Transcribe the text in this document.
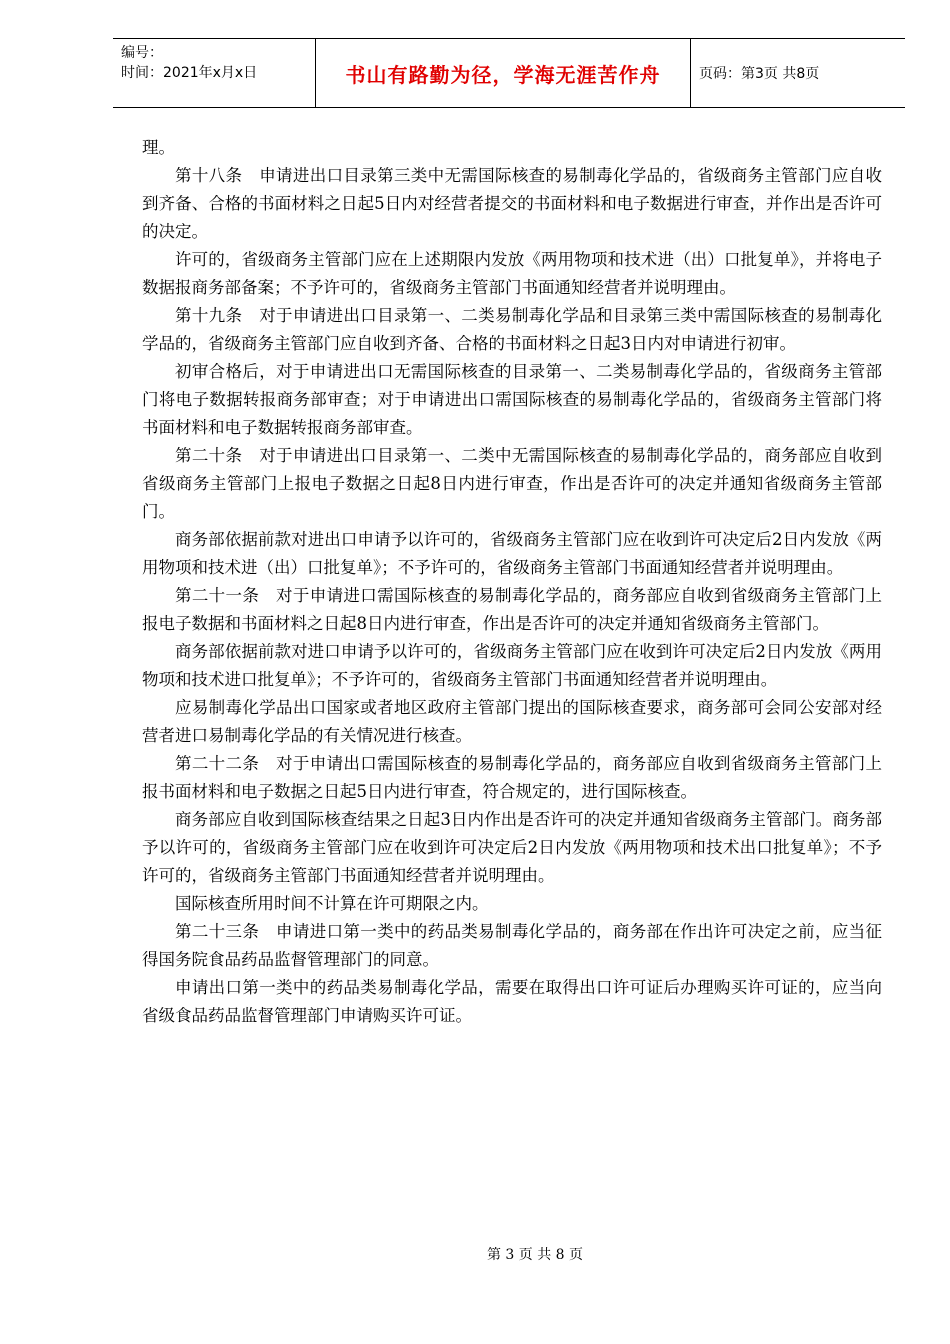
编号：
时间：2021年x月x日	书山有路勤为径，学海无涯苦作舟	页码：第3页 共8页

理。

第十八条　申请进出口目录第三类中无需国际核查的易制毒化学品的，省级商务主管部门应自收到齐备、合格的书面材料之日起5日内对经营者提交的书面材料和电子数据进行审查，并作出是否许可的决定。

许可的，省级商务主管部门应在上述期限内发放《两用物项和技术进（出）口批复单》，并将电子数据报商务部备案；不予许可的，省级商务主管部门书面通知经营者并说明理由。

第十九条　对于申请进出口目录第一、二类易制毒化学品和目录第三类中需国际核查的易制毒化学品的，省级商务主管部门应自收到齐备、合格的书面材料之日起3日内对申请进行初审。

初审合格后，对于申请进出口无需国际核查的目录第一、二类易制毒化学品的，省级商务主管部门将电子数据转报商务部审查；对于申请进出口需国际核查的易制毒化学品的，省级商务主管部门将书面材料和电子数据转报商务部审查。

第二十条　对于申请进出口目录第一、二类中无需国际核查的易制毒化学品的，商务部应自收到省级商务主管部门上报电子数据之日起8日内进行审查，作出是否许可的决定并通知省级商务主管部门。

商务部依据前款对进出口申请予以许可的，省级商务主管部门应在收到许可决定后2日内发放《两用物项和技术进（出）口批复单》；不予许可的，省级商务主管部门书面通知经营者并说明理由。

第二十一条　对于申请进口需国际核查的易制毒化学品的，商务部应自收到省级商务主管部门上报电子数据和书面材料之日起8日内进行审查，作出是否许可的决定并通知省级商务主管部门。

商务部依据前款对进口申请予以许可的，省级商务主管部门应在收到许可决定后2日内发放《两用物项和技术进口批复单》；不予许可的，省级商务主管部门书面通知经营者并说明理由。

应易制毒化学品出口国家或者地区政府主管部门提出的国际核查要求，商务部可会同公安部对经营者进口易制毒化学品的有关情况进行核查。

第二十二条　对于申请出口需国际核查的易制毒化学品的，商务部应自收到省级商务主管部门上报书面材料和电子数据之日起5日内进行审查，符合规定的，进行国际核查。

商务部应自收到国际核查结果之日起3日内作出是否许可的决定并通知省级商务主管部门。商务部予以许可的，省级商务主管部门应在收到许可决定后2日内发放《两用物项和技术出口批复单》；不予许可的，省级商务主管部门书面通知经营者并说明理由。

国际核查所用时间不计算在许可期限之内。

第二十三条　申请进口第一类中的药品类易制毒化学品的，商务部在作出许可决定之前，应当征得国务院食品药品监督管理部门的同意。

申请出口第一类中的药品类易制毒化学品，需要在取得出口许可证后办理购买许可证的，应当向省级食品药品监督管理部门申请购买许可证。

第 3 页 共 8 页
